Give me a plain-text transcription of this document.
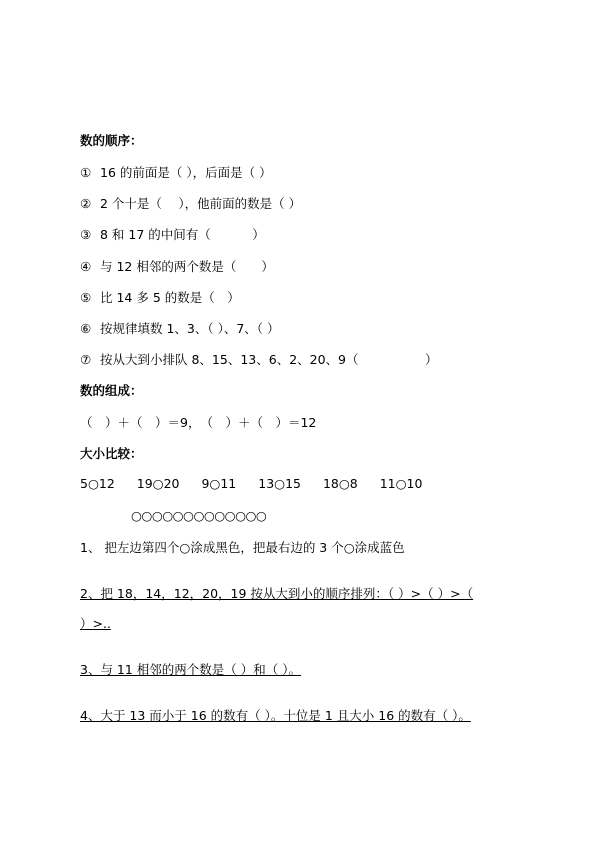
数的顺序：
① 16 的前面是（ ），后面是（ ）
② 2 个十是（　 ），他前面的数是（ ）
③ 8 和 17 的中间有（　　　 ）
④ 与 12 相邻的两个数是（　　）
⑤ 比 14 多 5 的数是（　）
⑥ 按规律填数 1、3、（ ）、7、（ ）
⑦ 按从大到小排队 8、15、13、6、2、20、9（　　　　　 ）
数的组成：
（　）＋（　）＝9，　（　）＋（　）＝12
大小比较：
5○12 19○20 9○11 13○15 18○8 11○10
○○○○○○○○○○○○○
1、 把左边第四个○涂成黑色，把最右边的 3 个○涂成蓝色
2、把 18，14，12，20，19 按从大到小的顺序排列：（ ）>（ ）>（
）>..
3、与 11 相邻的两个数是（ ）和（ ）。
4、大于 13 而小于 16 的数有（ ）。十位是 1 且大小 16 的数有（ ）。
